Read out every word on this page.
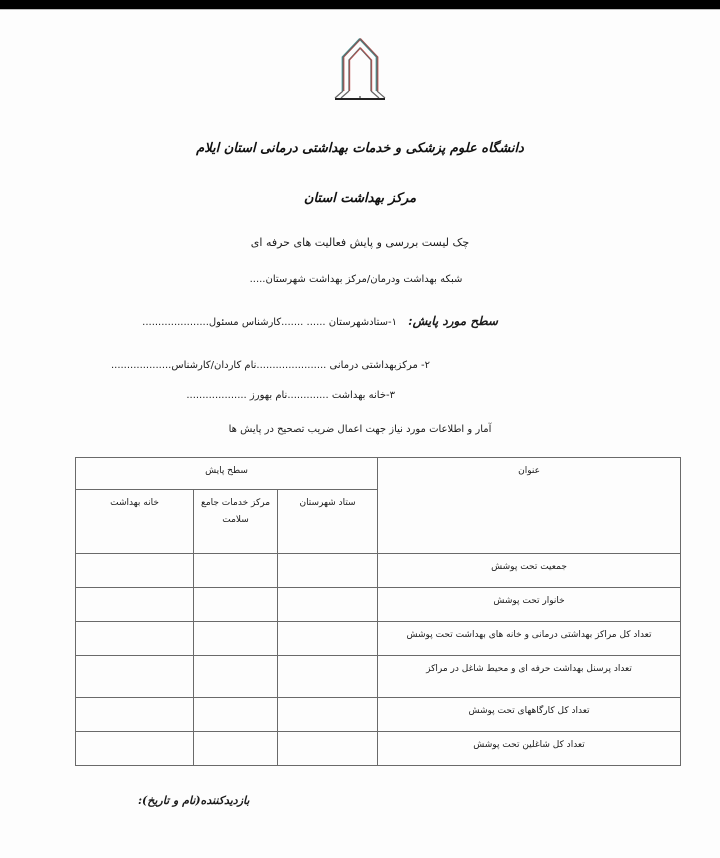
دانشگاه علوم پزشکی و خدمات بهداشتی درمانی استان ایلام
مرکز بهداشت استان
چک لیست بررسی و پایش فعالیت های حرفه ای
شبکه بهداشت ودرمان/مرکز بهداشت شهرستان.....
سطح مورد پایش: ۱-ستادشهرستان ...... .......کارشناس مسئول.....................
۲- مرکزبهداشتی درمانی ......................نام کاردان/کارشناس...................
۳-خانه بهداشت .............نام بهورز ...................
آمار و اطلاعات مورد نیاز جهت اعمال ضریب تصحیح در پایش ها
عنوان	سطح پایش		
	ستاد شهرستان	مرکز خدمات جامع سلامت	خانه بهداشت
جمعیت تحت پوشش			
خانوار تحت پوشش			
تعداد کل مراکز بهداشتی درمانی و خانه های بهداشت تحت پوشش			
تعداد پرسنل بهداشت حرفه ای و محیط شاغل در مراکز			
تعداد کل کارگاههای تحت پوشش			
تعداد کل شاغلین تحت پوشش			
بازدیدکننده(نام و تاریخ):
